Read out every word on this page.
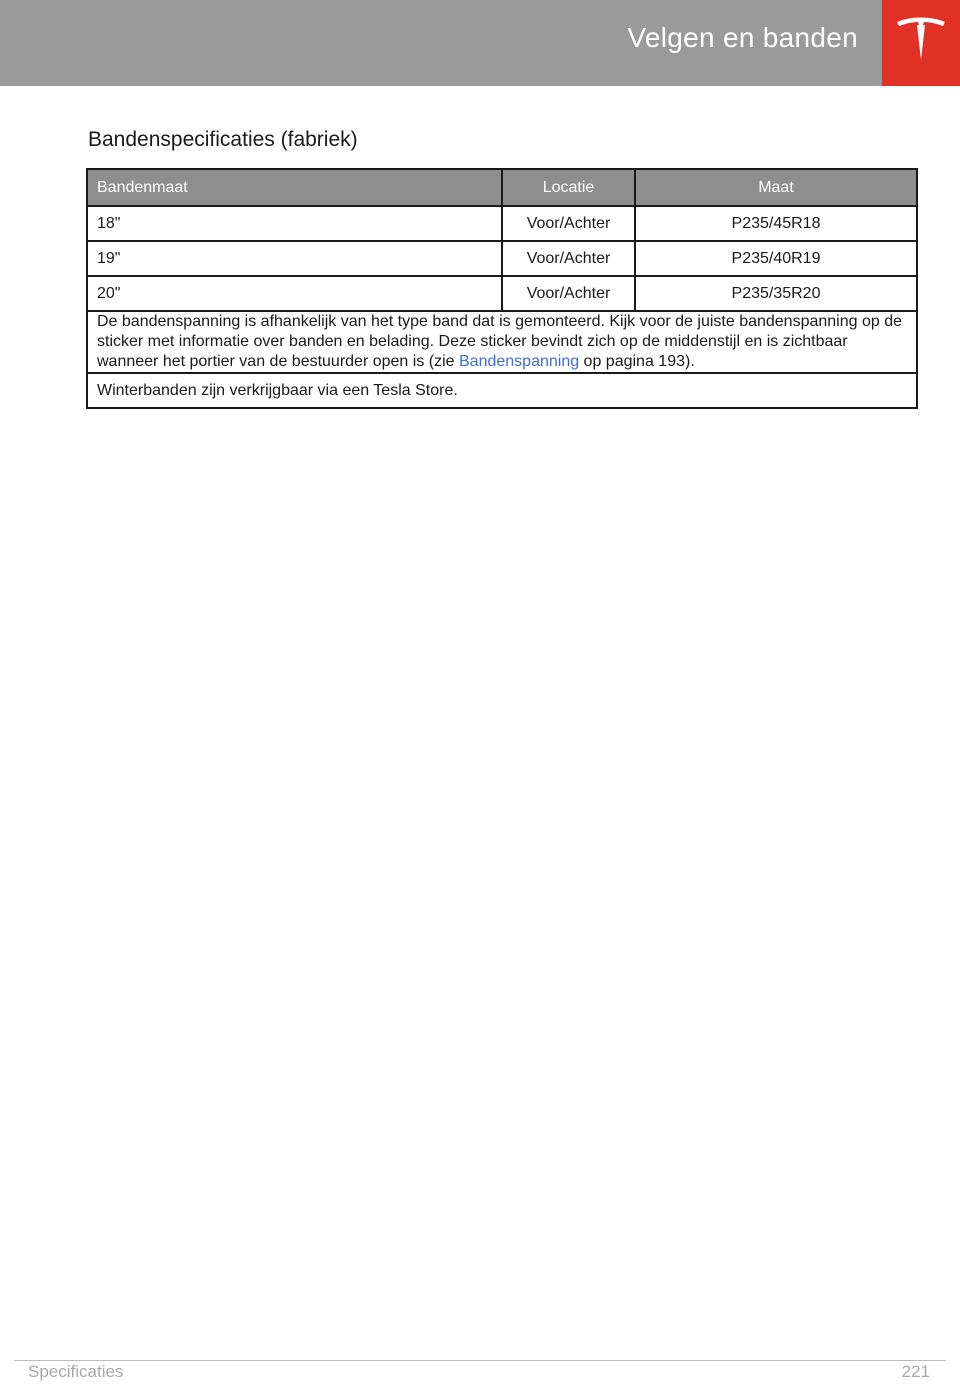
Velgen en banden
Bandenspecificaties (fabriek)
Bandenmaat	Locatie	Maat
18"	Voor/Achter	P235/45R18
19"	Voor/Achter	P235/40R19
20"	Voor/Achter	P235/35R20
De bandenspanning is afhankelijk van het type band dat is gemonteerd. Kijk voor de juiste bandenspanning op de sticker met informatie over banden en belading. Deze sticker bevindt zich op de middenstijl en is zichtbaar wanneer het portier van de bestuurder open is (zie Bandenspanning op pagina 193).		
Winterbanden zijn verkrijgbaar via een Tesla Store.		
Specificaties	221
